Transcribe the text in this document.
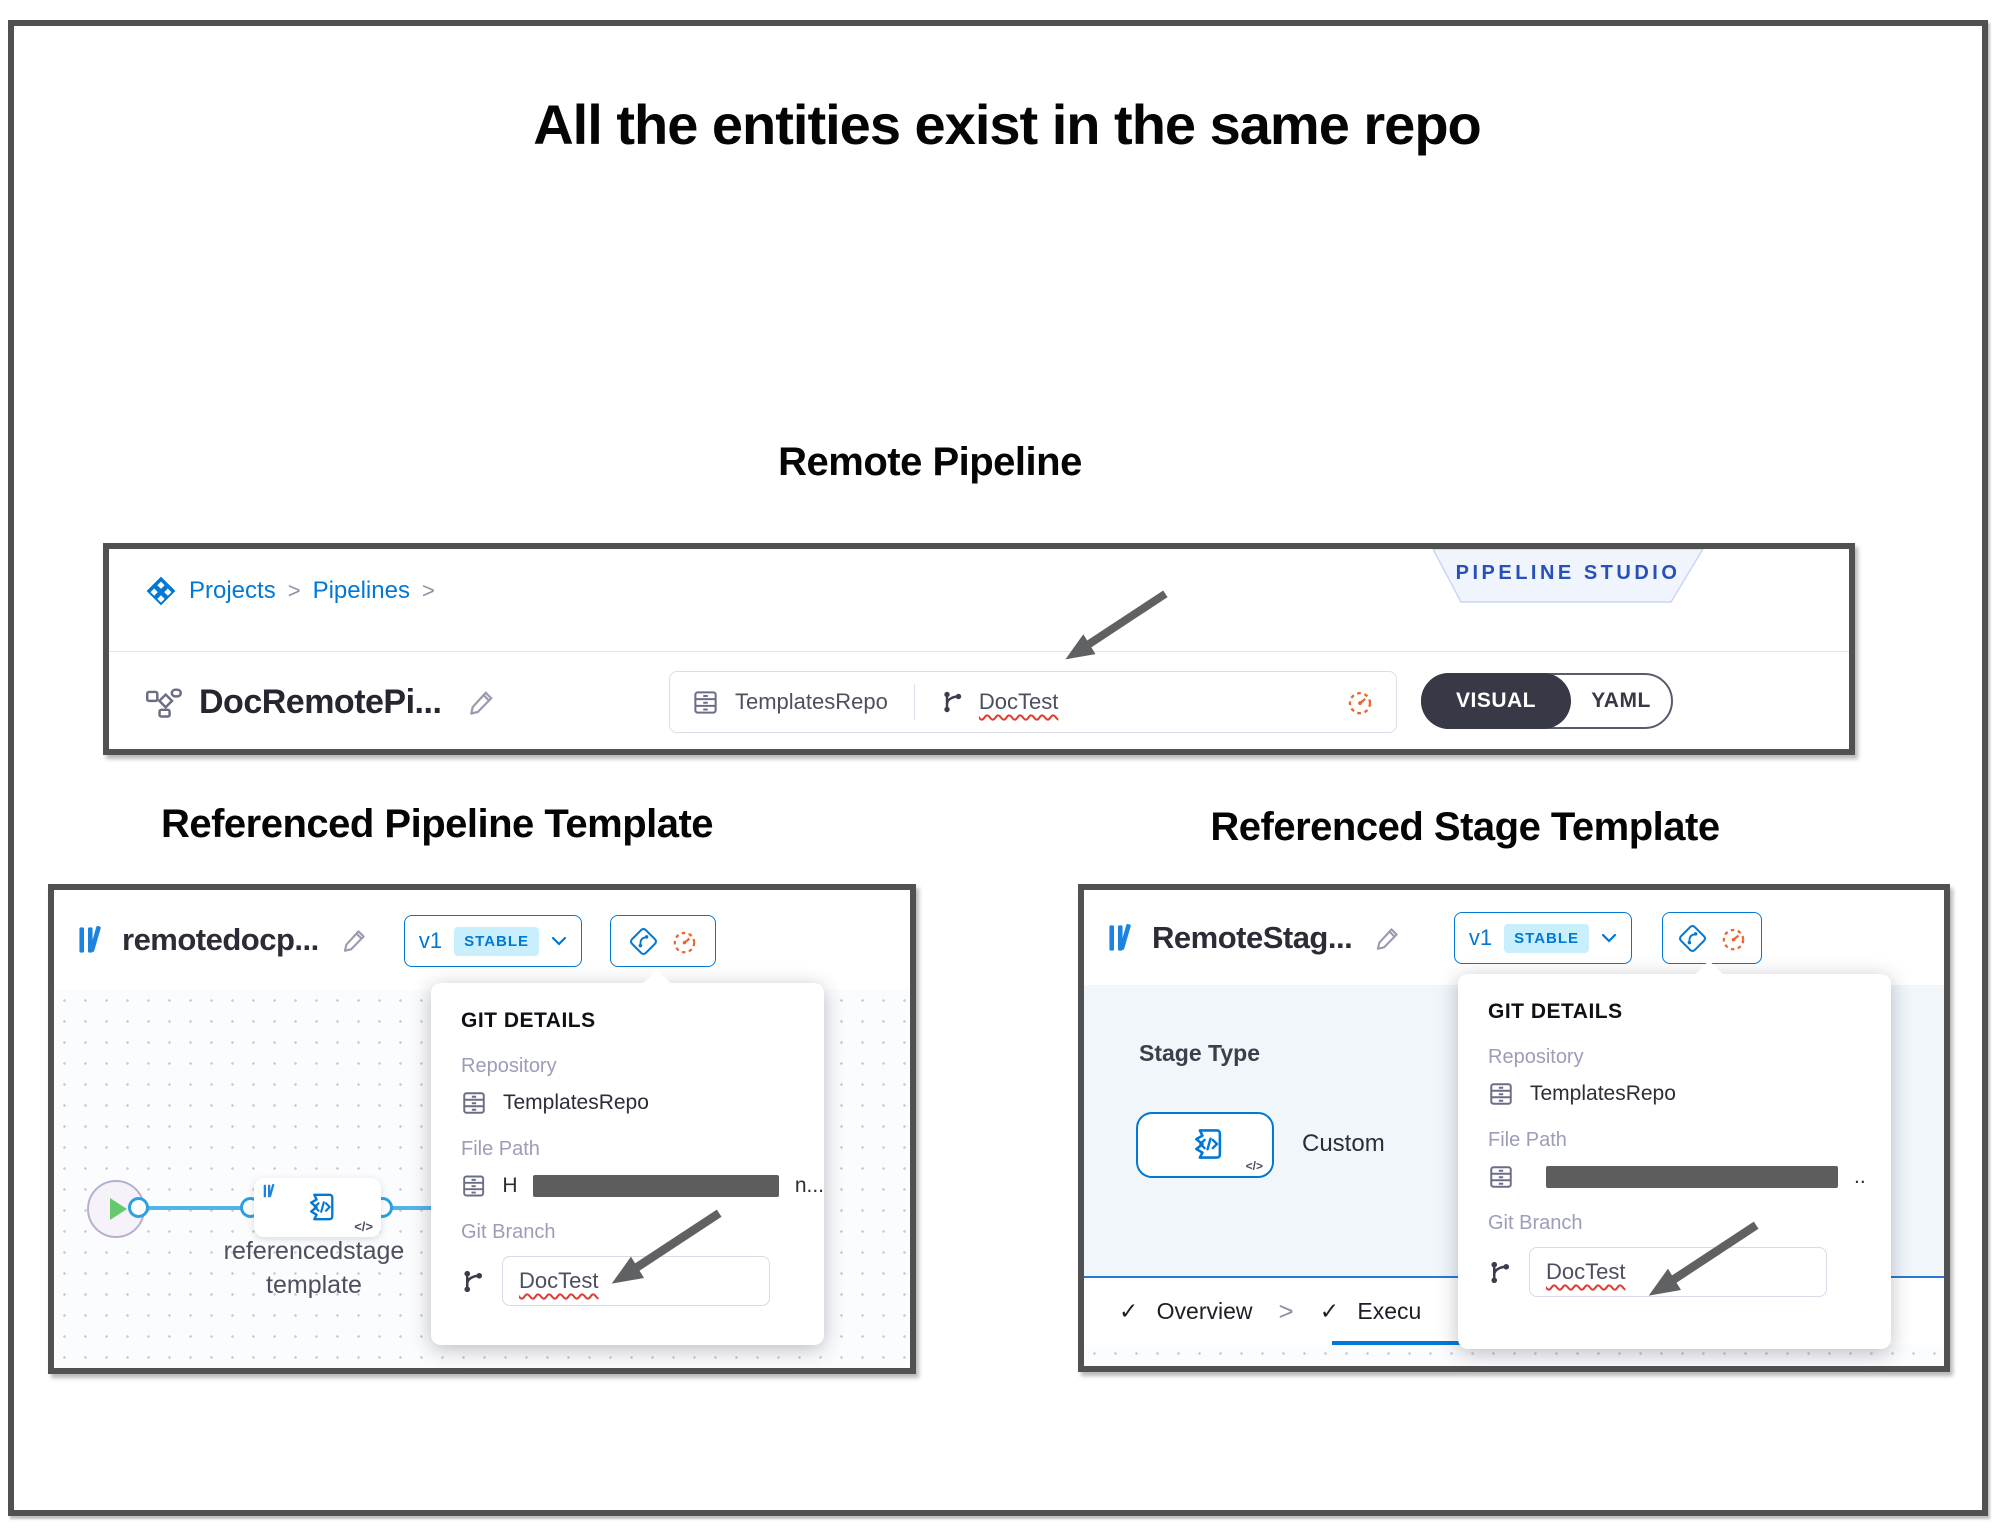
All the entities exist in the same repo
Remote Pipeline
PIPELINE STUDIO
Projects > Pipelines >
DocRemotePi...	TemplatesRepo	DocTest	VISUAL	YAML
Referenced Pipeline Template	Referenced Stage Template
remotedocp...	v1	STABLE
</>
referencedstage
template
GIT DETAILS
Repository
TemplatesRepo
File Path
H	n...
Git Branch
DocTest
RemoteStag...	v1	STABLE
Stage Type
</>
Custom
✓ Overview > ✓ Execu
GIT DETAILS
Repository
TemplatesRepo
File Path
..
Git Branch
DocTest
